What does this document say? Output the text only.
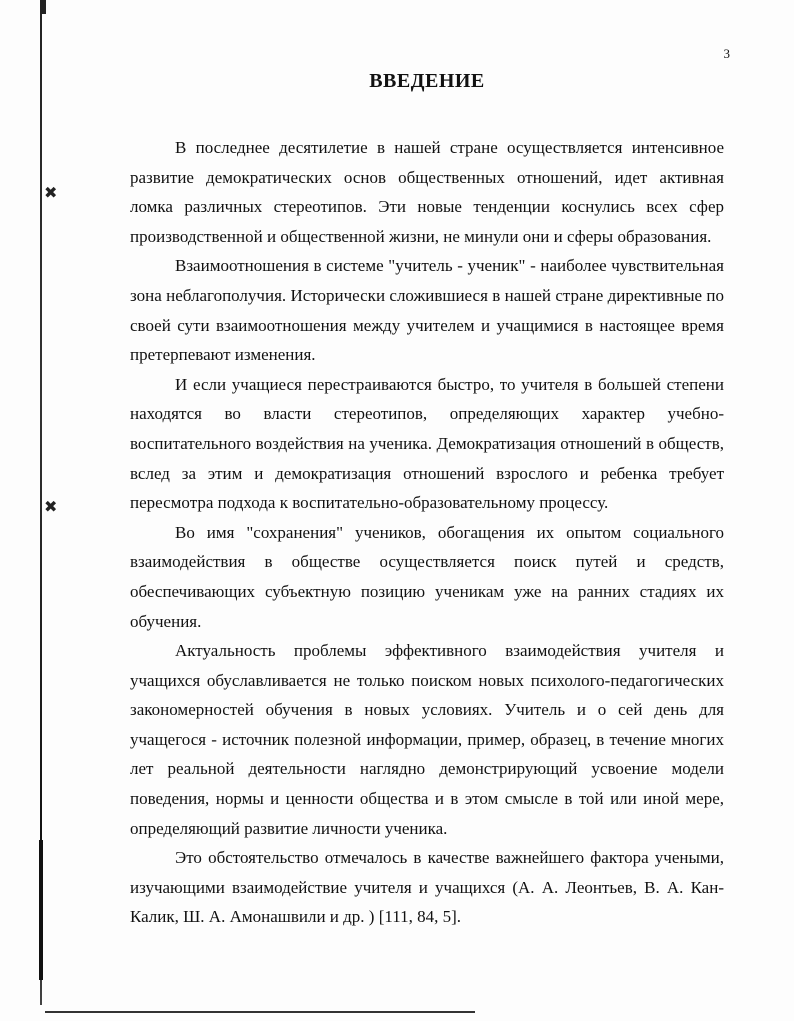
✖
✖
3
ВВЕДЕНИЕ

В последнее десятилетие в нашей стране осуществляется интенсивное развитие демократических основ общественных отношений, идет активная ломка различных стереотипов. Эти новые тенденции коснулись всех сфер производственной и общественной жизни, не минули они и сферы образования.

Взаимоотношения в системе "учитель - ученик" - наиболее чувствительная зона неблагополучия. Исторически сложившиеся в нашей стране директивные по своей сути взаимоотношения между учителем и учащимися в настоящее время претерпевают изменения.

И если учащиеся перестраиваются быстро, то учителя в большей степени находятся во власти стереотипов, определяющих характер учебно-воспитательного воздействия на ученика. Демократизация отношений в обществ, вслед за этим и демократизация отношений взрослого и ребенка требует пересмотра подхода к воспитательно-образовательному процессу.

Во имя "сохранения" учеников, обогащения их опытом социального взаимодействия в обществе осуществляется поиск путей и средств, обеспечивающих субъектную позицию ученикам уже на ранних стадиях их обучения.

Актуальность проблемы эффективного взаимодействия учителя и учащихся обуславливается не только поиском новых психолого-педагогических закономерностей обучения в новых условиях. Учитель и о сей день для учащегося - источник полезной информации, пример, образец, в течение многих лет реальной деятельности наглядно демонстрирующий усвоение модели поведения, нормы и ценности общества и в этом смысле в той или иной мере, определяющий развитие личности ученика.

Это обстоятельство отмечалось в качестве важнейшего фактора учеными, изучающими взаимодействие учителя и учащихся (А. А. Леонтьев, В. А. Кан-Калик, Ш. А. Амонашвили и др. ) [111, 84, 5].
